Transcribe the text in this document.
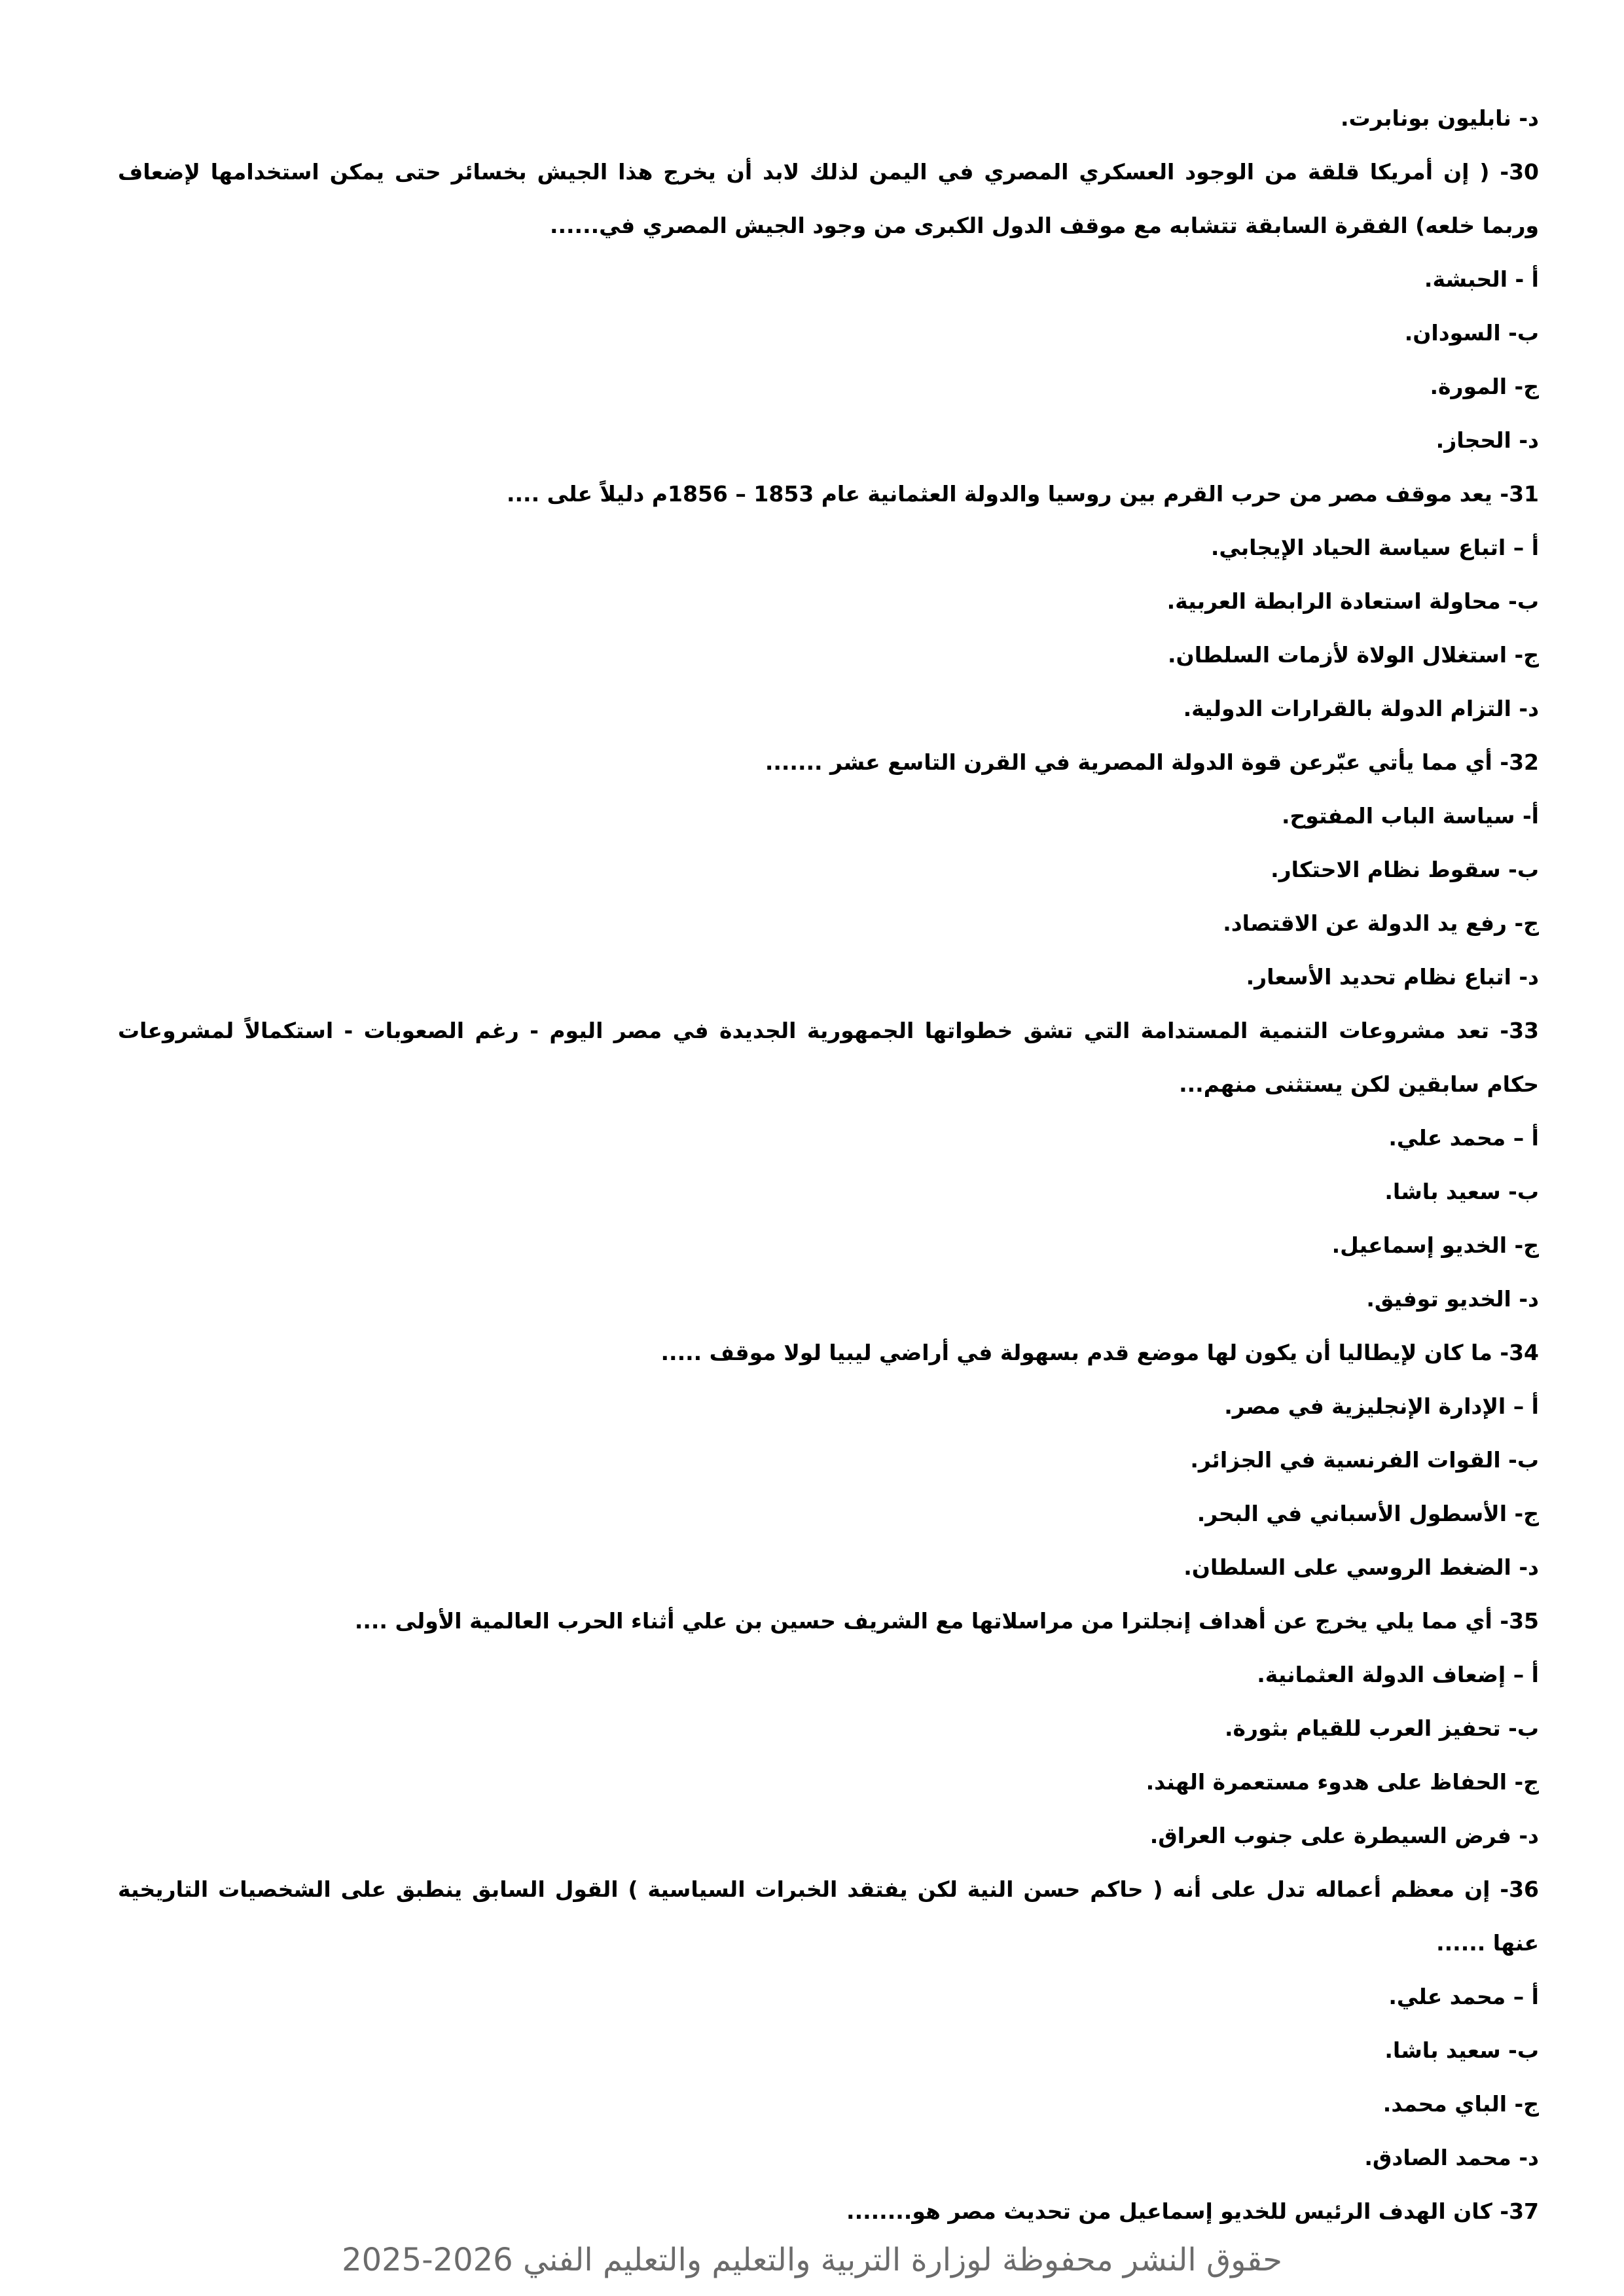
د- نابليون بونابرت.
30- ( إن أمريكا قلقة من الوجود العسكري المصري في اليمن لذلك لابد أن يخرج هذا الجيش بخسائر حتى يمكن استخدامها لإضعاف
وربما خلعه) الفقرة السابقة تتشابه مع موقف الدول الكبرى من وجود الجيش المصري في......
أ - الحبشة.
ب- السودان.
ج- المورة.
د- الحجاز.
31- يعد موقف مصر من حرب القرم بين روسيا والدولة العثمانية عام 1853 – 1856م دليلاً على ....
أ – اتباع سياسة الحياد الإيجابي.
ب- محاولة استعادة الرابطة العربية.
ج- استغلال الولاة لأزمات السلطان.
د- التزام الدولة بالقرارات الدولية.
32- أي مما يأتي عبّرعن قوة الدولة المصرية في القرن التاسع عشر .......
أ- سياسة الباب المفتوح.
ب- سقوط نظام الاحتكار.
ج- رفع يد الدولة عن الاقتصاد.
د- اتباع نظام تحديد الأسعار.
33- تعد مشروعات التنمية المستدامة التي تشق خطواتها الجمهورية الجديدة في مصر اليوم - رغم الصعوبات - استكمالاً لمشروعات
حكام سابقين لكن يستثنى منهم...
أ – محمد علي.
ب- سعيد باشا.
ج- الخديو إسماعيل.
د- الخديو توفيق.
34- ما كان لإيطاليا أن يكون لها موضع قدم بسهولة في أراضي ليبيا لولا موقف .....
أ – الإدارة الإنجليزية في مصر.
ب- القوات الفرنسية في الجزائر.
ج- الأسطول الأسباني في البحر.
د- الضغط الروسي على السلطان.
35- أي مما يلي يخرج عن أهداف إنجلترا من مراسلاتها مع الشريف حسين بن علي أثناء الحرب العالمية الأولى ....
أ – إضعاف الدولة العثمانية.
ب- تحفيز العرب للقيام بثورة.
ج- الحفاظ على هدوء مستعمرة الهند.
د- فرض السيطرة على جنوب العراق.
36- إن معظم أعماله تدل على أنه ( حاكم حسن النية لكن يفتقد الخبرات السياسية ) القول السابق ينطبق على الشخصيات التاريخية
عنها ......
أ – محمد علي.
ب- سعيد باشا.
ج- الباي محمد.
د- محمد الصادق.
37- كان الهدف الرئيس للخديو إسماعيل من تحديث مصر هو........
حقوق النشر محفوظة لوزارة التربية والتعليم والتعليم الفني 2026-2025
